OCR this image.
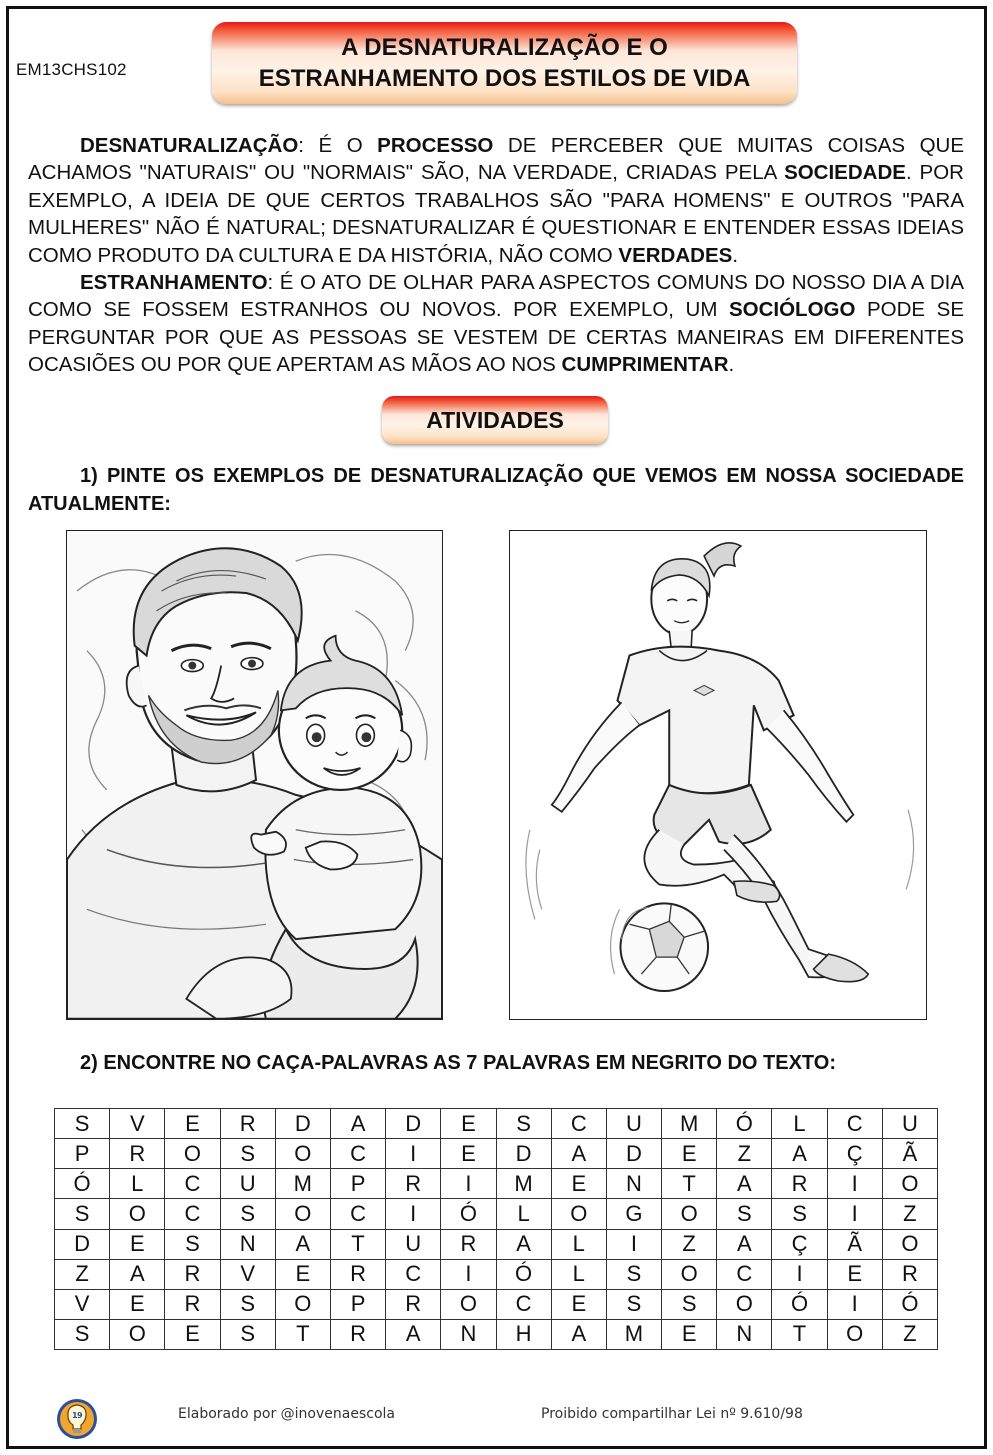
EM13CHS102
A DESNATURALIZAÇÃO E O
ESTRANHAMENTO DOS ESTILOS DE VIDA

DESNATURALIZAÇÃO: É O PROCESSO DE PERCEBER QUE MUITAS COISAS QUE ACHAMOS "NATURAIS" OU "NORMAIS" SÃO, NA VERDADE, CRIADAS PELA SOCIEDADE. POR EXEMPLO, A IDEIA DE QUE CERTOS TRABALHOS SÃO "PARA HOMENS" E OUTROS "PARA MULHERES" NÃO É NATURAL; DESNATURALIZAR É QUESTIONAR E ENTENDER ESSAS IDEIAS COMO PRODUTO DA CULTURA E DA HISTÓRIA, NÃO COMO VERDADES.

ESTRANHAMENTO: É O ATO DE OLHAR PARA ASPECTOS COMUNS DO NOSSO DIA A DIA COMO SE FOSSEM ESTRANHOS OU NOVOS. POR EXEMPLO, UM SOCIÓLOGO PODE SE PERGUNTAR POR QUE AS PESSOAS SE VESTEM DE CERTAS MANEIRAS EM DIFERENTES OCASIÕES OU POR QUE APERTAM AS MÃOS AO NOS CUMPRIMENTAR.

ATIVIDADES
1) PINTE OS EXEMPLOS DE DESNATURALIZAÇÃO QUE VEMOS EM NOSSA SOCIEDADE ATUALMENTE:
2) ENCONTRE NO CAÇA-PALAVRAS AS 7 PALAVRAS EM NEGRITO DO TEXTO:
S	V	E	R	D	A	D	E	S	C	U	M	Ó	L	C	U
P	R	O	S	O	C	I	E	D	A	D	E	Z	A	Ç	Ã
Ó	L	C	U	M	P	R	I	M	E	N	T	A	R	I	O
S	O	C	S	O	C	I	Ó	L	O	G	O	S	S	I	Z
D	E	S	N	A	T	U	R	A	L	I	Z	A	Ç	Ã	O
Z	A	R	V	E	R	C	I	Ó	L	S	O	C	I	E	R
V	E	R	S	O	P	R	O	C	E	S	S	O	Ó	I	Ó
S	O	E	S	T	R	A	N	H	A	M	E	N	T	O	Z
1 9	Elaborado por @inovenaescola	Proibido compartilhar Lei nº 9.610/98
